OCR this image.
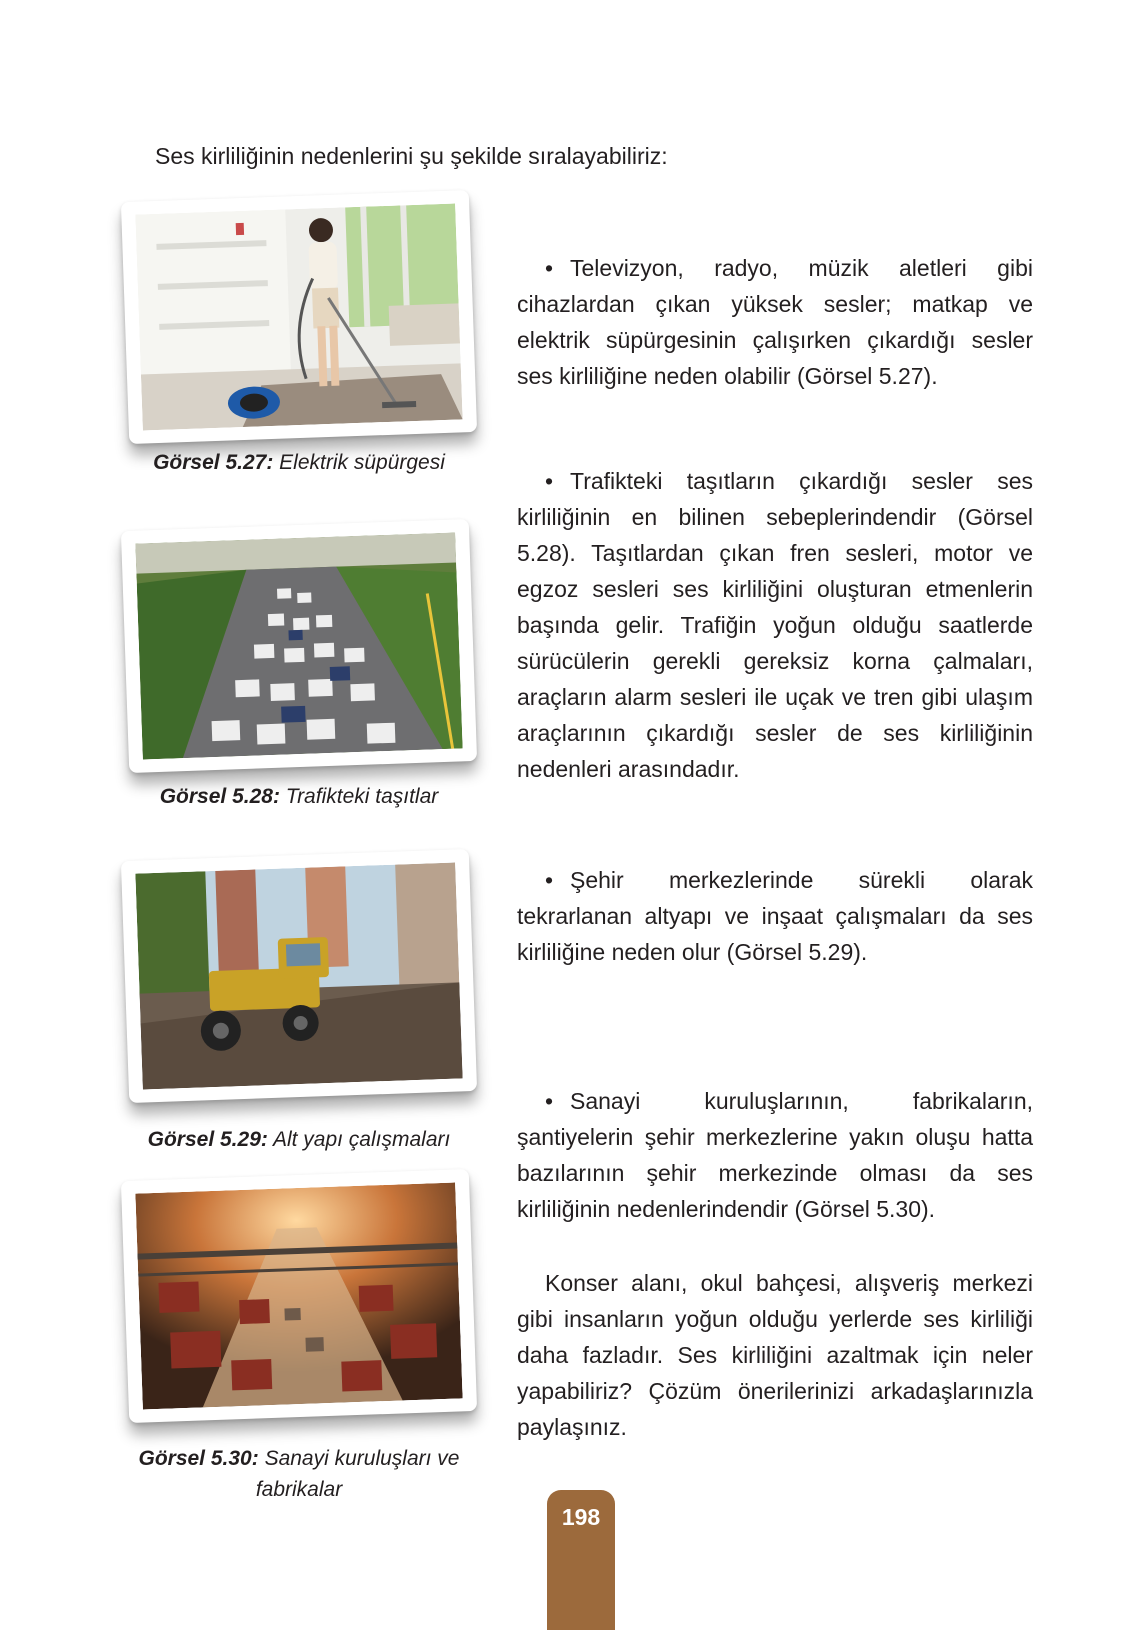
Ses kirliliğinin nedenlerini şu şekilde sıralayabiliriz:

Görsel 5.27: Elektrik süpürgesi
Görsel 5.28: Trafikteki taşıtlar
Görsel 5.29: Alt yapı çalışmaları
Görsel 5.30: Sanayi kuruluşları ve
fabrikalar

• Televizyon, radyo, müzik aletleri gibi cihazlardan çıkan yüksek sesler; matkap ve elektrik süpürgesinin çalışırken çıkardığı sesler ses kirliliğine neden olabilir (Görsel 5.27).

• Trafikteki taşıtların çıkardığı sesler ses kirliliğinin en bilinen sebeplerindendir (Görsel 5.28). Taşıtlardan çıkan fren sesleri, motor ve egzoz sesleri ses kirliliğini oluşturan etmenlerin başında gelir. Trafiğin yoğun olduğu saatlerde sürücülerin gerekli gereksiz korna çalmaları, araçların alarm sesleri ile uçak ve tren gibi ulaşım araçlarının çıkardığı sesler de ses kirliliğinin nedenleri arasındadır.

• Şehir merkezlerinde sürekli olarak tekrarlanan altyapı ve inşaat çalışmaları da ses kirliliğine neden olur (Görsel 5.29).

• Sanayi kuruluşlarının, fabrikaların, şantiyelerin şehir merkezlerine yakın oluşu hatta bazılarının şehir merkezinde olması da ses kirliliğinin nedenlerindendir (Görsel 5.30).

Konser alanı, okul bahçesi, alışveriş merkezi gibi insanların yoğun olduğu yerlerde ses kirliliği daha fazladır. Ses kirliliğini azaltmak için neler yapabiliriz? Çözüm önerilerinizi arkadaşlarınızla paylaşınız.

198
